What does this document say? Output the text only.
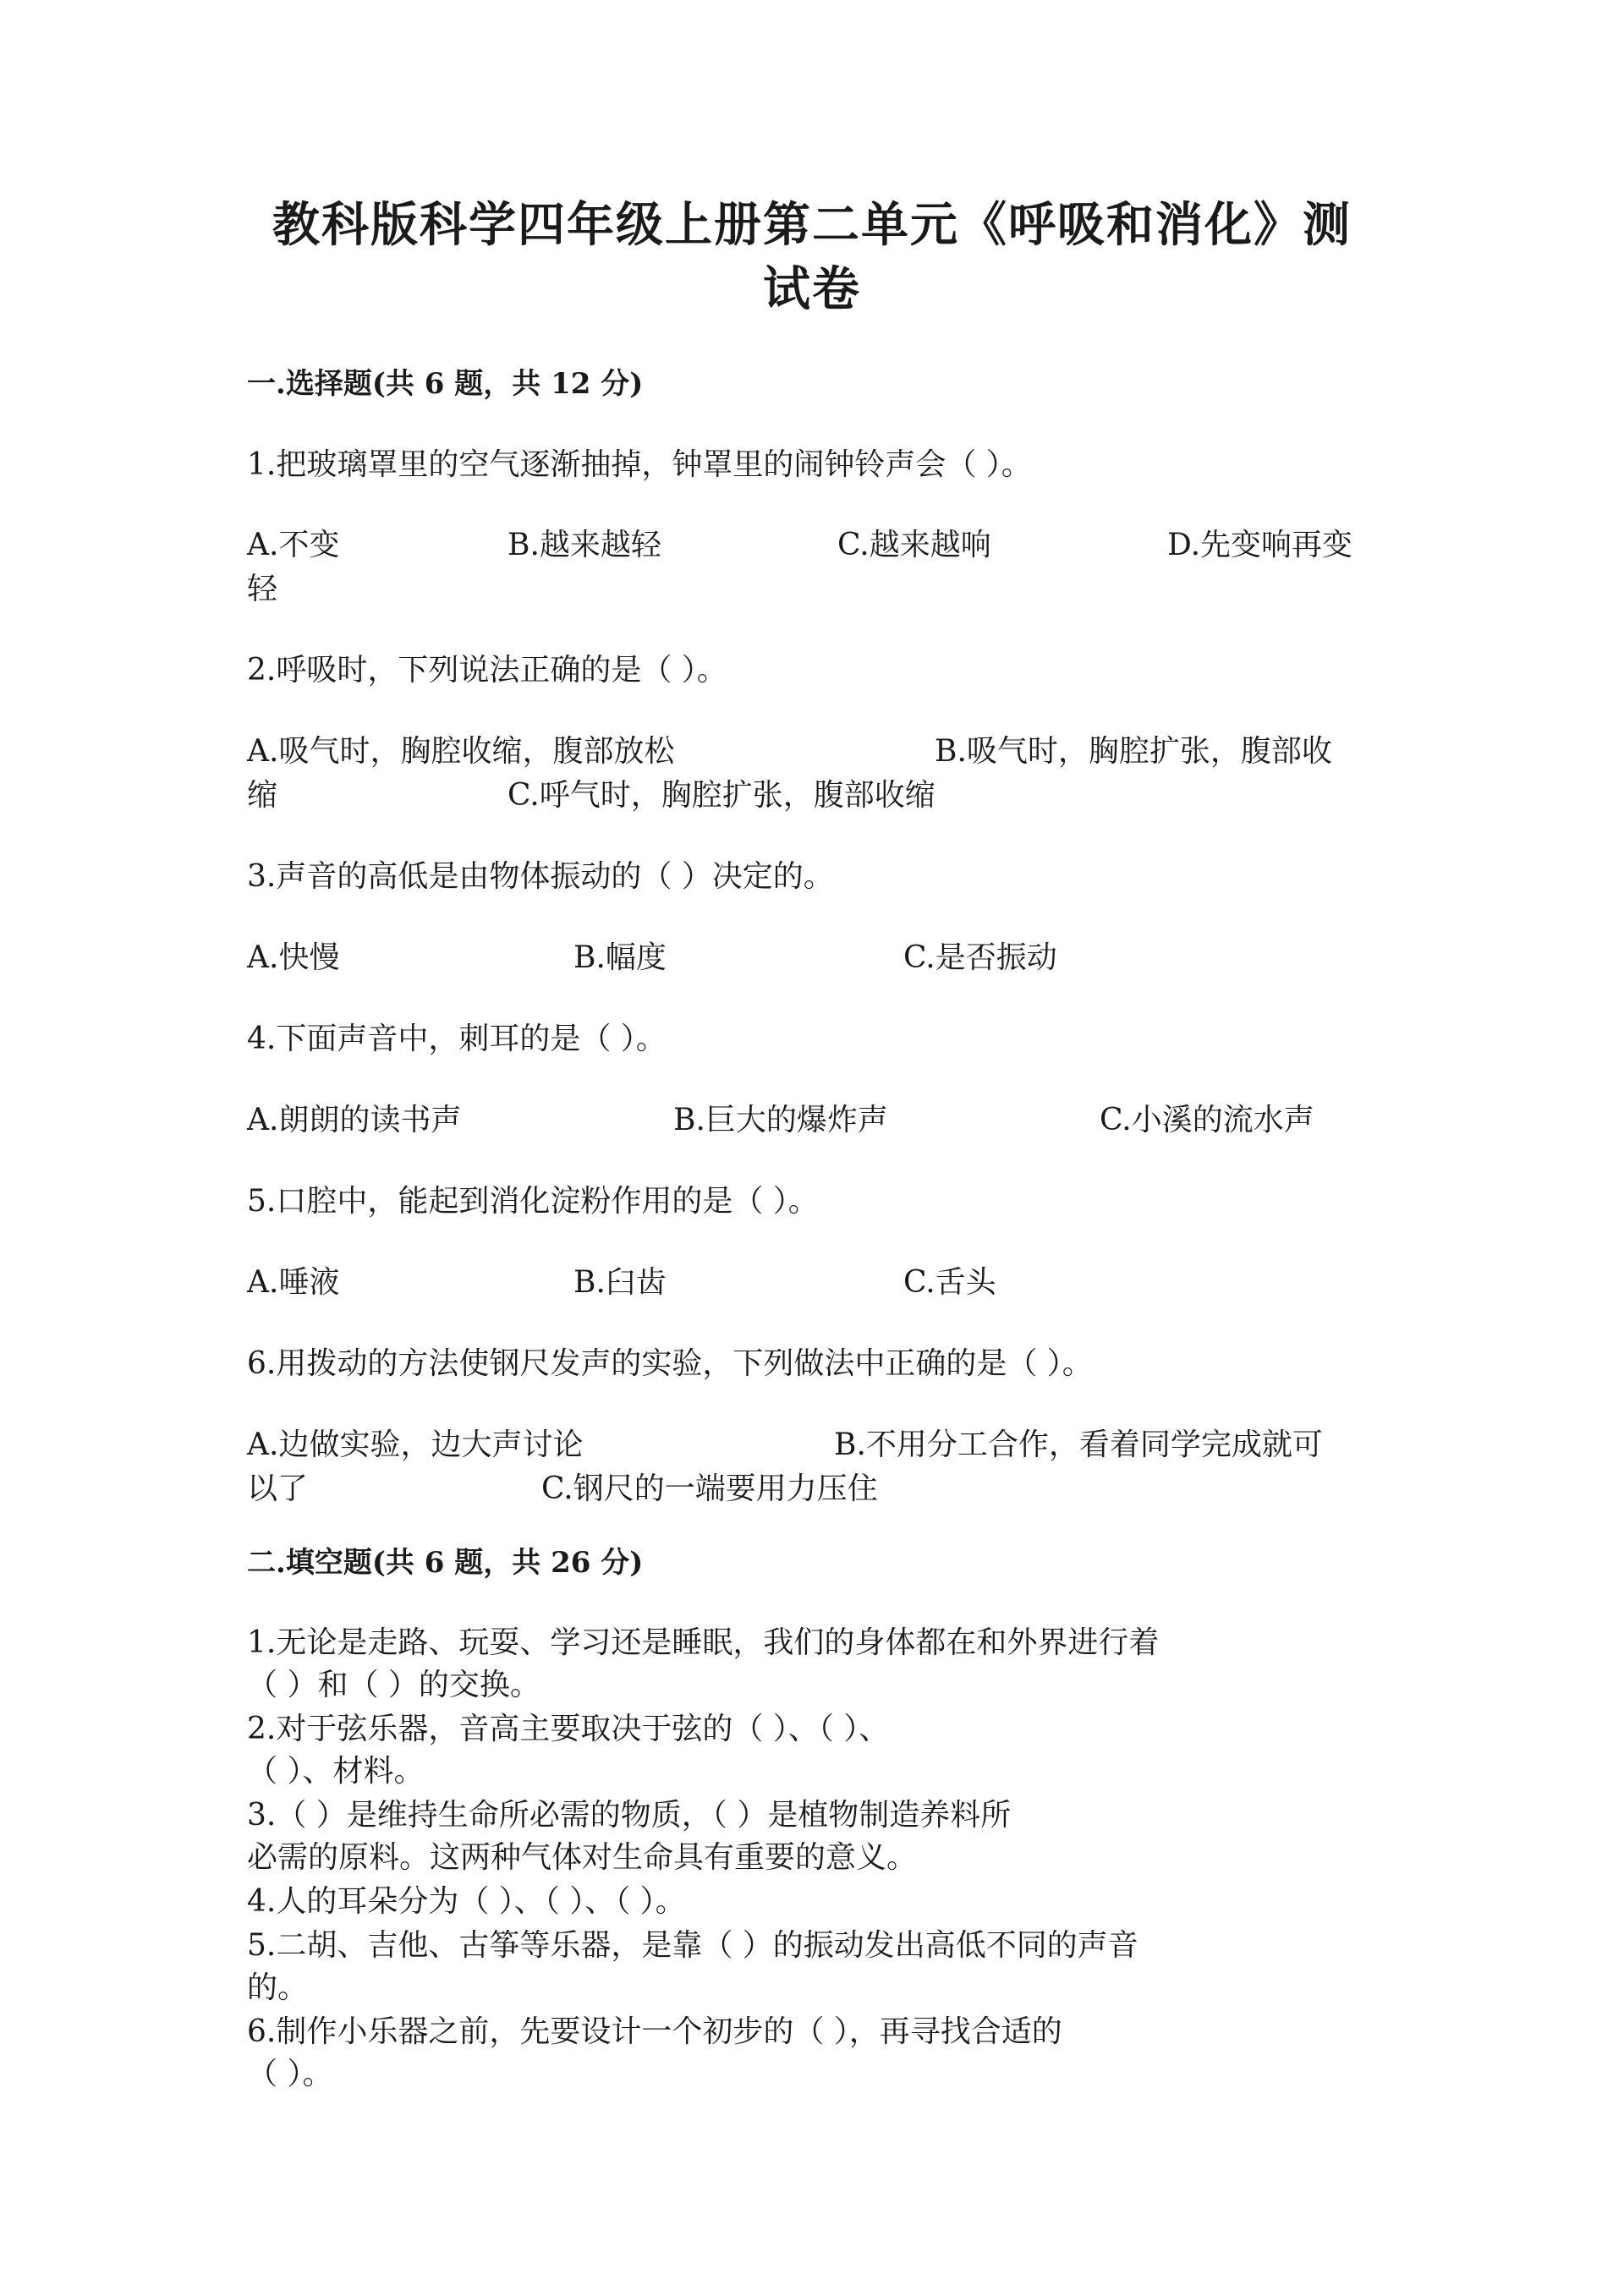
教科版科学四年级上册第二单元《呼吸和消化》测
试卷
一.选择题(共 6 题，共 12 分)
1.把玻璃罩里的空气逐渐抽掉，钟罩里的闹钟铃声会（ ）。
A.不变	B.越来越轻	C.越来越响	D.先变响再变
轻
2.呼吸时，下列说法正确的是（ ）。
A.吸气时，胸腔收缩，腹部放松	B.吸气时，胸腔扩张，腹部收
缩	C.呼气时，胸腔扩张，腹部收缩
3.声音的高低是由物体振动的（ ）决定的。
A.快慢	B.幅度	C.是否振动
4.下面声音中，刺耳的是（ ）。
A.朗朗的读书声	B.巨大的爆炸声	C.小溪的流水声
5.口腔中，能起到消化淀粉作用的是（ ）。
A.唾液	B.臼齿	C.舌头
6.用拨动的方法使钢尺发声的实验，下列做法中正确的是（ ）。
A.边做实验，边大声讨论	B.不用分工合作，看着同学完成就可
以了	C.钢尺的一端要用力压住
二.填空题(共 6 题，共 26 分)
1.无论是走路、玩耍、学习还是睡眠，我们的身体都在和外界进行着
（ ）和（ ）的交换。
2.对于弦乐器，音高主要取决于弦的（ ）、（ ）、
（ ）、材料。
3.（ ）是维持生命所必需的物质，（ ）是植物制造养料所
必需的原料。这两种气体对生命具有重要的意义。
4.人的耳朵分为（ ）、（ ）、（ ）。
5.二胡、吉他、古筝等乐器，是靠（ ）的振动发出高低不同的声音
的。
6.制作小乐器之前，先要设计一个初步的（ ），再寻找合适的
（ ）。
